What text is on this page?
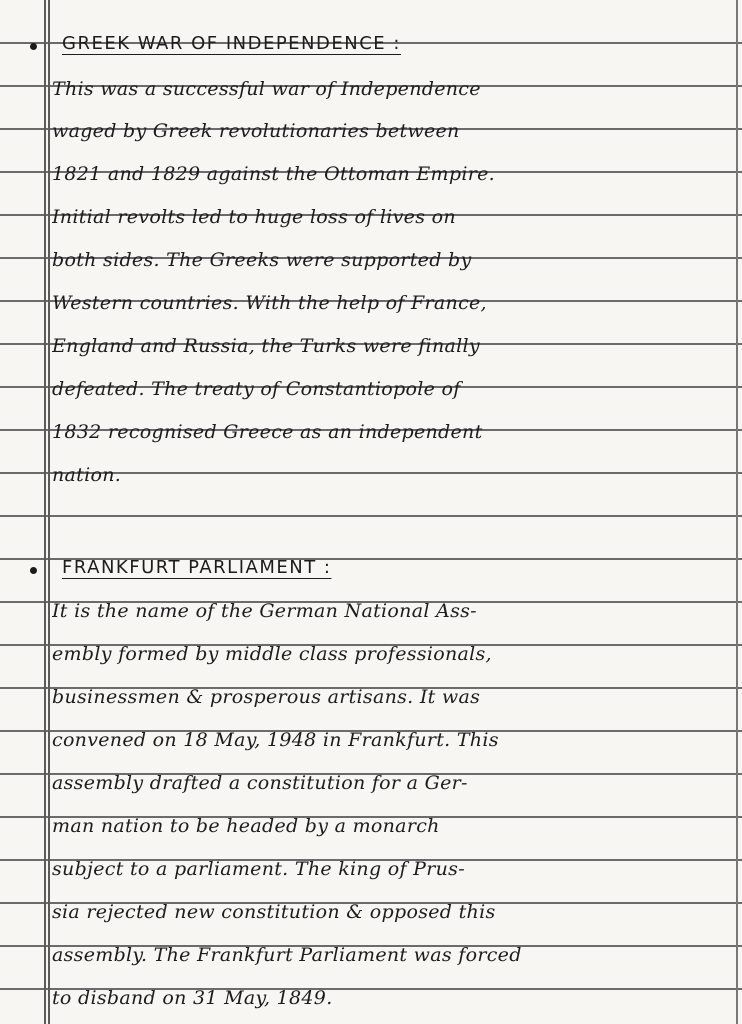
GREEK WAR OF INDEPENDENCE :
This was a successful war of Independence
waged by Greek revolutionaries between
1821 and 1829 against the Ottoman Empire.
Initial revolts led to huge loss of lives on
both sides. The Greeks were supported by
Western countries. With the help of France,
England and Russia, the Turks were finally
defeated. The treaty of Constantiopole of
1832 recognised Greece as an independent
nation.
FRANKFURT PARLIAMENT :
It is the name of the German National Ass-
embly formed by middle class professionals,
businessmen & prosperous artisans. It was
convened on 18 May, 1948 in Frankfurt. This
assembly drafted a constitution for a Ger-
man nation to be headed by a monarch
subject to a parliament. The king of Prus-
sia rejected new constitution & opposed this
assembly. The Frankfurt Parliament was forced
to disband on 31 May, 1849.
